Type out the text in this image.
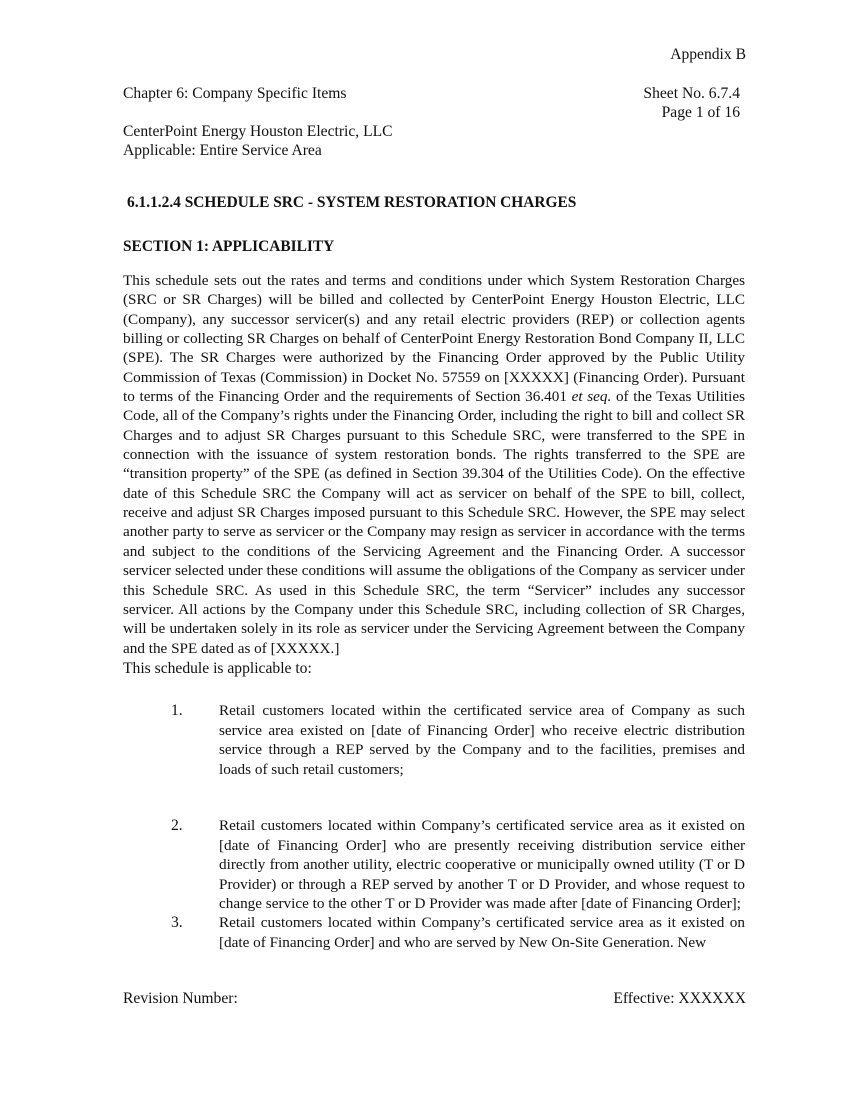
Appendix B
Chapter 6: Company Specific Items	Sheet No. 6.7.4
Page 1 of 16
CenterPoint Energy Houston Electric, LLC
Applicable: Entire Service Area
6.1.1.2.4 SCHEDULE SRC - SYSTEM RESTORATION CHARGES
SECTION 1: APPLICABILITY

This schedule sets out the rates and terms and conditions under which System Restoration Charges (SRC or SR Charges) will be billed and collected by CenterPoint Energy Houston Electric, LLC (Company), any successor servicer(s) and any retail electric providers (REP) or collection agents billing or collecting SR Charges on behalf of CenterPoint Energy Restoration Bond Company II, LLC (SPE). The SR Charges were authorized by the Financing Order approved by the Public Utility Commission of Texas (Commission) in Docket No. 57559 on [XXXXX] (Financing Order). Pursuant to terms of the Financing Order and the requirements of Section 36.401 et seq. of the Texas Utilities Code, all of the Company’s rights under the Financing Order, including the right to bill and collect SR Charges and to adjust SR Charges pursuant to this Schedule SRC, were transferred to the SPE in connection with the issuance of system restoration bonds. The rights transferred to the SPE are “transition property” of the SPE (as defined in Section 39.304 of the Utilities Code). On the effective date of this Schedule SRC the Company will act as servicer on behalf of the SPE to bill, collect, receive and adjust SR Charges imposed pursuant to this Schedule SRC. However, the SPE may select another party to serve as servicer or the Company may resign as servicer in accordance with the terms and subject to the conditions of the Servicing Agreement and the Financing Order. A successor servicer selected under these conditions will assume the obligations of the Company as servicer under this Schedule SRC. As used in this Schedule SRC, the term “Servicer” includes any successor servicer. All actions by the Company under this Schedule SRC, including collection of SR Charges, will be undertaken solely in its role as servicer under the Servicing Agreement between the Company and the SPE dated as of [XXXXX.]

This schedule is applicable to:
1.	Retail customers located within the certificated service area of Company as such service area existed on [date of Financing Order] who receive electric distribution service through a REP served by the Company and to the facilities, premises and loads of such retail customers;
2.	Retail customers located within Company’s certificated service area as it existed on [date of Financing Order] who are presently receiving distribution service either directly from another utility, electric cooperative or municipally owned utility (T or D Provider) or through a REP served by another T or D Provider, and whose request to change service to the other T or D Provider was made after [date of Financing Order];
3.	Retail customers located within Company’s certificated service area as it existed on [date of Financing Order] and who are served by New On-Site Generation. New
Revision Number:	Effective: XXXXXX
